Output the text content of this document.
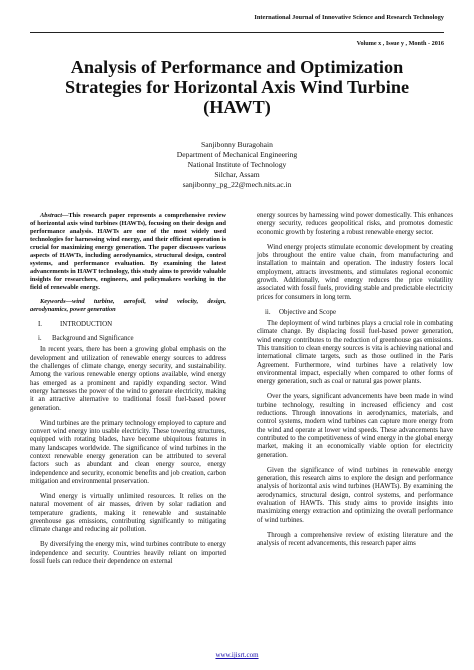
International Journal of Innovative Science and Research Technology
Volume x , Issue y , Month - 2016
Analysis of Performance and Optimization Strategies for Horizontal Axis Wind Turbine (HAWT)
Sanjibonny Buragohain
Department of Mechanical Engineering
National Institute of Technology
Silchar, Assam
sanjibonny_pg_22@mech.nits.ac.in

Abstract—This research paper represents a comprehensive review of horizontal axis wind turbines (HAWTs), focusing on their design and performance analysis. HAWTs are one of the most widely used technologies for harnessing wind energy, and their efficient operation is crucial for maximizing energy generation. The paper discusses various aspects of HAWTs, including aerodynamics, structural design, control systems, and performance evaluation. By examining the latest advancements in HAWT technology, this study aims to provide valuable insights for researchers, engineers, and policymakers working in the field of renewable energy.

Keywords—wind turbine, aerofoil, wind velocity, design, aerodynamics, power generation

I.	INTRODUCTION
i. Background and Significance

In recent years, there has been a growing global emphasis on the development and utilization of renewable energy sources to address the challenges of climate change, energy security, and sustainability. Among the various renewable energy options available, wind energy has emerged as a prominent and rapidly expanding sector. Wind energy harnesses the power of the wind to generate electricity, making it an attractive alternative to traditional fossil fuel-based power generation.

Wind turbines are the primary technology employed to capture and convert wind energy into usable electricity. These towering structures, equipped with rotating blades, have become ubiquitous features in many landscapes worldwide. The significance of wind turbines in the context renewable energy generation can be attributed to several factors such as abundant and clean energy source, energy independence and security, economic benefits and job creation, carbon mitigation and environmental preservation.

Wind energy is virtually unlimited resources. It relies on the natural movement of air masses, driven by solar radiation and temperature gradients, making it renewable and sustainable greenhouse gas emissions, contributing significantly to mitigating climate change and reducing air pollution.

By diversifying the energy mix, wind turbines contribute to energy independence and security. Countries heavily reliant on imported fossil fuels can reduce their dependence on external

energy sources by harnessing wind power domestically. This enhances energy security, reduces geopolitical risks, and promotes domestic economic growth by fostering a robust renewable energy sector.

Wind energy projects stimulate economic development by creating jobs throughout the entire value chain, from manufacturing and installation to maintain and operation. The industry fosters local employment, attracts investments, and stimulates regional economic growth. Additionally, wind energy reduces the price volatility associated with fossil fuels, providing stable and predictable electricity prices for consumers in long term.

ii. Objective and Scope

The deployment of wind turbines plays a crucial role in combating climate change. By displacing fossil fuel-based power generation, wind energy contributes to the reduction of greenhouse gas emissions. This transition to clean energy sources is vita is achieving national and international climate targets, such as those outlined in the Paris Agreement. Furthermore, wind turbines have a relatively low environmental impact, especially when compared to other forms of energy generation, such as coal or natural gas power plants.

Over the years, significant advancements have been made in wind turbine technology, resulting in increased efficiency and cost reductions. Through innovations in aerodynamics, materials, and control systems, modern wind turbines can capture more energy from the wind and operate at lower wind speeds. These advancements have contributed to the competitiveness of wind energy in the global energy market, making it an economically viable option for electricity generation.

Given the significance of wind turbines in renewable energy generation, this research aims to explore the design and performance analysis of horizontal axis wind turbines (HAWTs). By examining the aerodynamics, structural design, control systems, and performance evaluation of HAWTs. This study aims to provide insights into maximizing energy extraction and optimizing the overall performance of wind turbines.

Through a comprehensive review of existing literature and the analysis of recent advancements, this research paper aims

www.ijisrt.com
